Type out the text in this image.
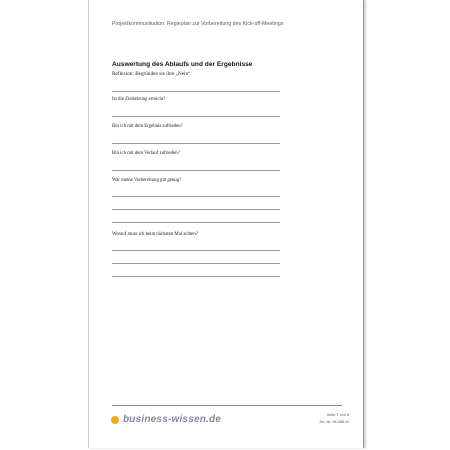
Projektkommunikation: Regieplan zur Vorbereitung des Kick-off-Meetings
Auswertung des Ablaufs und der Ergebnisse
Reflexion: Begründen sie ihre „Nein“
Ist die Zielsetzung erreicht?
Bin ich mit dem Ergebnis zufrieden?
Bin ich mit dem Verlauf zufrieden?
War meine Vorbereitung gut genug?
Worauf muss ich beim nächsten Mal achten?
business-wissen.de	Seite 7 von 8
Art.-Nr. 06.088.11
